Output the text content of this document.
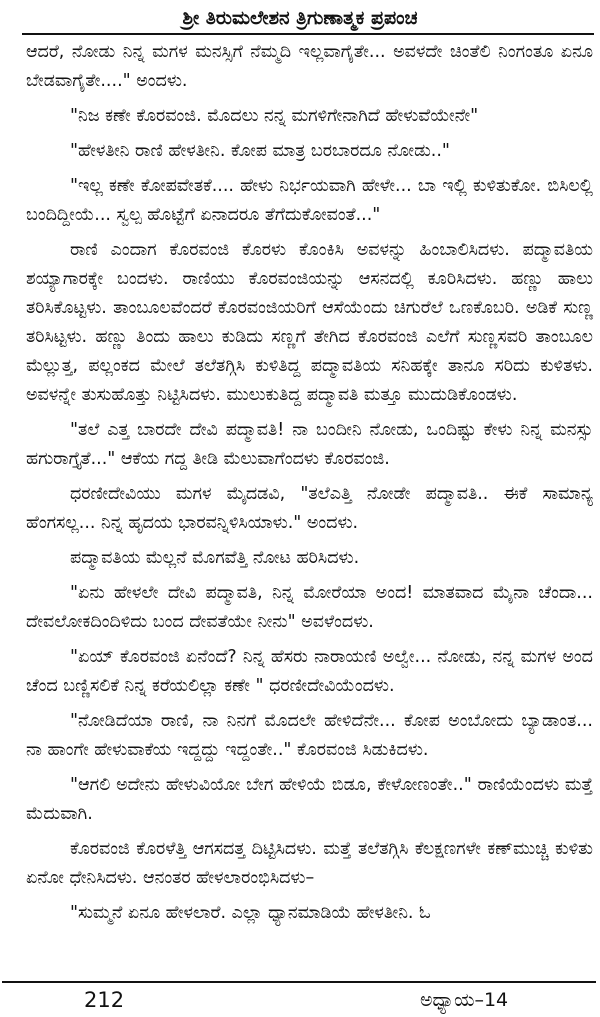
ಶ್ರೀ ತಿರುಮಲೇಶನ ತ್ರಿಗುಣಾತ್ಮಕ ಪ್ರಪಂಚ

ಆದರೆ, ನೋಡು ನಿನ್ನ ಮಗಳ ಮನಸ್ಸಿಗೆ ನೆಮ್ಮದಿ ಇಲ್ಲವಾಗೈತೇ... ಅವಳದೇ ಚಿಂತೆಲಿ ನಿಂಗಂತೂ ಏನೂ ಬೇಡವಾಗೈತೇ...." ಅಂದಳು.

"ನಿಜ ಕಣೇ ಕೊರವಂಜಿ. ಮೊದಲು ನನ್ನ ಮಗಳಿಗೇನಾಗಿದೆ ಹೇಳುವೆಯೇನೇ"

"ಹೇಳತೀನಿ ರಾಣಿ ಹೇಳತೀನಿ. ಕೋಪ ಮಾತ್ರ ಬರಬಾರದೂ ನೋಡು.."

"ಇಲ್ಲ ಕಣೇ ಕೋಪವೇತಕೆ.... ಹೇಳು ನಿರ್ಭಯವಾಗಿ ಹೇಳೇ... ಬಾ ಇಲ್ಲಿ ಕುಳಿತುಕೋ. ಬಿಸಿಲಲ್ಲಿ ಬಂದಿದ್ದೀಯೆ... ಸ್ವಲ್ಪ ಹೊಟ್ಟೆಗೆ ಏನಾದರೂ ತೆಗೆದುಕೋವಂತೆ..."

ರಾಣಿ ಎಂದಾಗ ಕೊರವಂಜಿ ಕೊರಳು ಕೊಂಕಿಸಿ ಅವಳನ್ನು ಹಿಂಬಾಲಿಸಿದಳು. ಪದ್ಮಾವತಿಯ ಶಯ್ಯಾಗಾರಕ್ಕೇ ಬಂದಳು. ರಾಣಿಯು ಕೊರವಂಜಿಯನ್ನು ಆಸನದಲ್ಲಿ ಕೂರಿಸಿದಳು. ಹಣ್ಣು ಹಾಲು ತರಿಸಿಕೊಟ್ಟಳು. ತಾಂಬೂಲವೆಂದರೆ ಕೊರವಂಜಿಯರಿಗೆ ಆಸೆಯೆಂದು ಚಿಗುರೆಲೆ ಒಣಕೊಬರಿ. ಅಡಿಕೆ ಸುಣ್ಣ ತರಿಸಿಟ್ಟಳು. ಹಣ್ಣು ತಿಂದು ಹಾಲು ಕುಡಿದು ಸಣ್ಣಗೆ ತೇಗಿದ ಕೊರವಂಜಿ ಎಲೆಗೆ ಸುಣ್ಣಸವರಿ ತಾಂಬೂಲ ಮೆಲ್ಲುತ್ತ, ಪಲ್ಲಂಕದ ಮೇಲೆ ತಲೆತಗ್ಗಿಸಿ ಕುಳಿತಿದ್ದ ಪದ್ಮಾವತಿಯ ಸನಿಹಕ್ಕೇ ತಾನೂ ಸರಿದು ಕುಳಿತಳು. ಅವಳನ್ನೇ ತುಸುಹೊತ್ತು ನಿಟ್ಟಿಸಿದಳು. ಮುಲುಕುತಿದ್ದ ಪದ್ಮಾವತಿ ಮತ್ತೂ ಮುದುಡಿಕೊಂಡಳು.

"ತಲೆ ಎತ್ತ ಬಾರದೇ ದೇವಿ ಪದ್ಮಾವತಿ! ನಾ ಬಂದೀನಿ ನೋಡು, ಒಂದಿಷ್ಟು ಕೇಳು ನಿನ್ನ ಮನಸ್ಸು ಹಗುರಾಗ್ತೈತೆ..." ಆಕೆಯ ಗದ್ದ ತೀಡಿ ಮೆಲುವಾಗೆಂದಳು ಕೊರವಂಜಿ.

ಧರಣೀದೇವಿಯು ಮಗಳ ಮೈದಡವಿ, "ತಲೆಎತ್ತಿ ನೋಡೇ ಪದ್ಮಾವತಿ.. ಈಕೆ ಸಾಮಾನ್ಯ ಹೆಂಗಸಲ್ಲ... ನಿನ್ನ ಹೃದಯ ಭಾರವನ್ನಿಳಿಸಿಯಾಳು." ಅಂದಳು.

ಪದ್ಮಾವತಿಯ ಮೆಲ್ಲನೆ ಮೊಗವೆತ್ತಿ ನೋಟ ಹರಿಸಿದಳು.

"ಏನು ಹೇಳಲೇ ದೇವಿ ಪದ್ಮಾವತಿ, ನಿನ್ನ ಮೋರೆಯಾ ಅಂದ! ಮಾತವಾದ ಮೈನಾ ಚೆಂದಾ... ದೇವಲೋಕದಿಂದಿಳಿದು ಬಂದ ದೇವತೆಯೇ ನೀನು" ಅವಳೆಂದಳು.

"ಏಯ್ ಕೊರವಂಜಿ ಏನೆಂದೆ? ನಿನ್ನ ಹೆಸರು ನಾರಾಯಣಿ ಅಲ್ವೇ... ನೋಡು, ನನ್ನ ಮಗಳ ಅಂದ ಚೆಂದ ಬಣ್ಣಿಸಲಿಕೆ ನಿನ್ನ ಕರೆಯಲಿಲ್ಲಾ ಕಣೇ " ಧರಣೀದೇವಿಯೆಂದಳು.

"ನೋಡಿದೆಯಾ ರಾಣಿ, ನಾ ನಿನಗೆ ಮೊದಲೇ ಹೇಳಿದೆನೇ... ಕೋಪ ಅಂಬೋದು ಬ್ಯಾಡಾಂತ... ನಾ ಹಾಂಗೇ ಹೇಳುವಾಕೆಯ ಇದ್ದದ್ದು ಇದ್ದಂತೇ.." ಕೊರವಂಜಿ ಸಿಡುಕಿದಳು.

"ಆಗಲಿ ಅದೇನು ಹೇಳುವಿಯೋ ಬೇಗ ಹೇಳಿಯೆ ಬಿಡೂ, ಕೇಳೋಣಂತೇ.." ರಾಣಿಯೆಂದಳು ಮತ್ತೆ ಮೆದುವಾಗಿ.

ಕೊರವಂಜಿ ಕೊರಳೆತ್ತಿ ಆಗಸದತ್ತ ದಿಟ್ಟಿಸಿದಳು. ಮತ್ತೆ ತಲೆತಗ್ಗಿಸಿ ಕೆಲಕ್ಷಣಗಳೇ ಕಣ್‌ಮುಚ್ಚಿ ಕುಳಿತು ಏನೋ ಧೇನಿಸಿದಳು. ಆನಂತರ ಹೇಳಲಾರಂಭಿಸಿದಳು–

"ಸುಮ್ಮನೆ ಏನೂ ಹೇಳಲಾರೆ. ಎಲ್ಲಾ ಧ್ಯಾನಮಾಡಿಯೆ ಹೇಳತೀನಿ. ಓ

212	ಅಧ್ಯಾಯ–14
